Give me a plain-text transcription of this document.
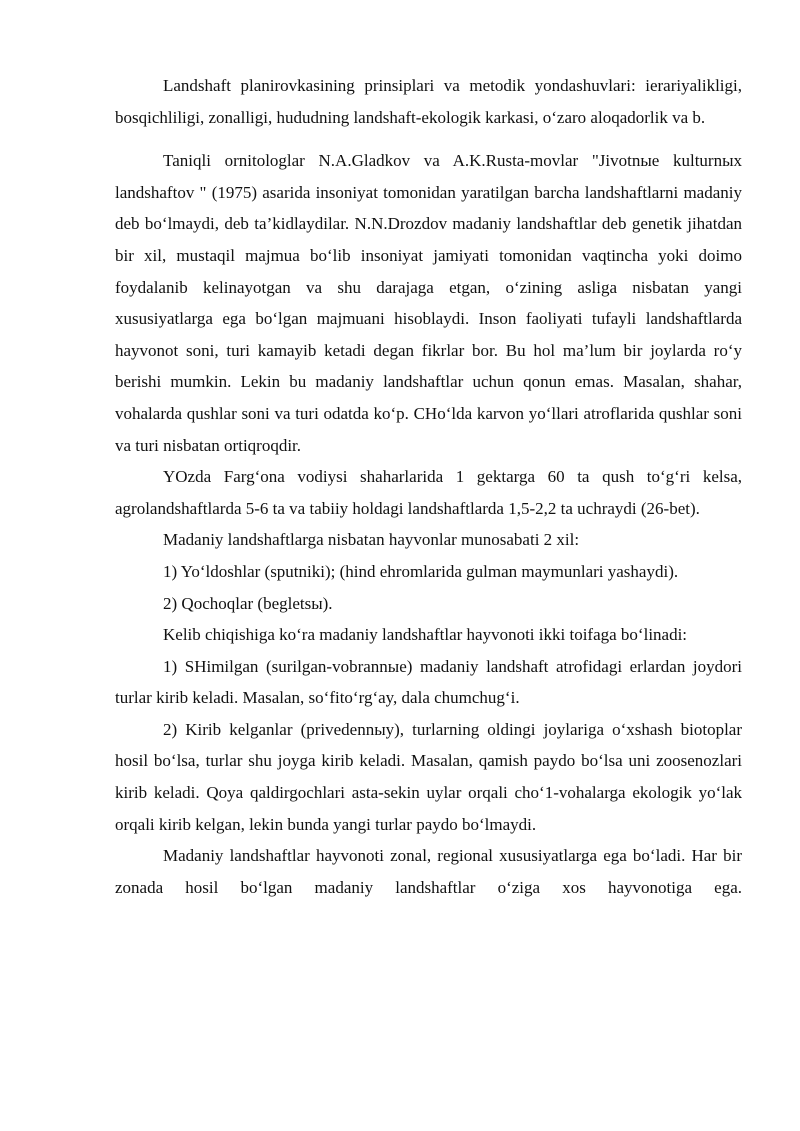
Landshaft planirovkasining prinsiplari va metodik yondashuvlari: ierariyalikligi, bosqichliligi, zonalligi, hududning landshaft-ekologik karkasi, o‘zaro aloqadorlik va b.

Taniqli ornitologlar N.A.Gladkov va A.K.Rusta-movlar "Jivotnыe kulturnыx landshaftov " (1975) asarida insoniyat tomonidan yaratilgan barcha landshaftlarni madaniy deb bo‘lmaydi, deb ta’kidlaydilar. N.N.Drozdov madaniy landshaftlar deb genetik jihatdan bir xil, mustaqil majmua bo‘lib insoniyat jamiyati tomonidan vaqtincha yoki doimo foydalanib kelinayotgan va shu darajaga etgan, o‘zining asliga nisbatan yangi xususiyatlarga ega bo‘lgan majmuani hisoblaydi. Inson faoliyati tufayli landshaftlarda hayvonot soni, turi kamayib ketadi degan fikrlar bor. Bu hol ma’lum bir joylarda ro‘y berishi mumkin. Lekin bu madaniy landshaftlar uchun qonun emas. Masalan, shahar, vohalarda qushlar soni va turi odatda ko‘p. CHo‘lda karvon yo‘llari atroflarida qushlar soni va turi nisbatan ortiqroqdir.

YOzda Farg‘ona vodiysi shaharlarida 1 gektarga 60 ta qush to‘g‘ri kelsa, agrolandshaftlarda 5-6 ta va tabiiy holdagi landshaftlarda 1,5-2,2 ta uchraydi (26-bet).

Madaniy landshaftlarga nisbatan hayvonlar munosabati 2 xil:

1) Yo‘ldoshlar (sputniki); (hind ehromlarida gulman maymunlari yashaydi).

2) Qochoqlar (begletsы).

Kelib chiqishiga ko‘ra madaniy landshaftlar hayvonoti ikki toifaga bo‘linadi:

1) SHimilgan (surilgan-vobrannыe) madaniy landshaft atrofidagi erlardan joydori turlar kirib keladi. Masalan, so‘fito‘rg‘ay, dala chumchug‘i.

2) Kirib kelganlar (privedennыy), turlarning oldingi joylariga o‘xshash biotoplar hosil bo‘lsa, turlar shu joyga kirib keladi. Masalan, qamish paydo bo‘lsa uni zoosenozlari kirib keladi. Qoya qaldirgochlari asta-sekin uylar orqali cho‘1-vohalarga ekologik yo‘lak orqali kirib kelgan, lekin bunda yangi turlar paydo bo‘lmaydi.

Madaniy landshaftlar hayvonoti zonal, regional xususiyatlarga ega bo‘ladi. Har bir zonada hosil bo‘lgan madaniy landshaftlar o‘ziga xos hayvonotiga ega.
